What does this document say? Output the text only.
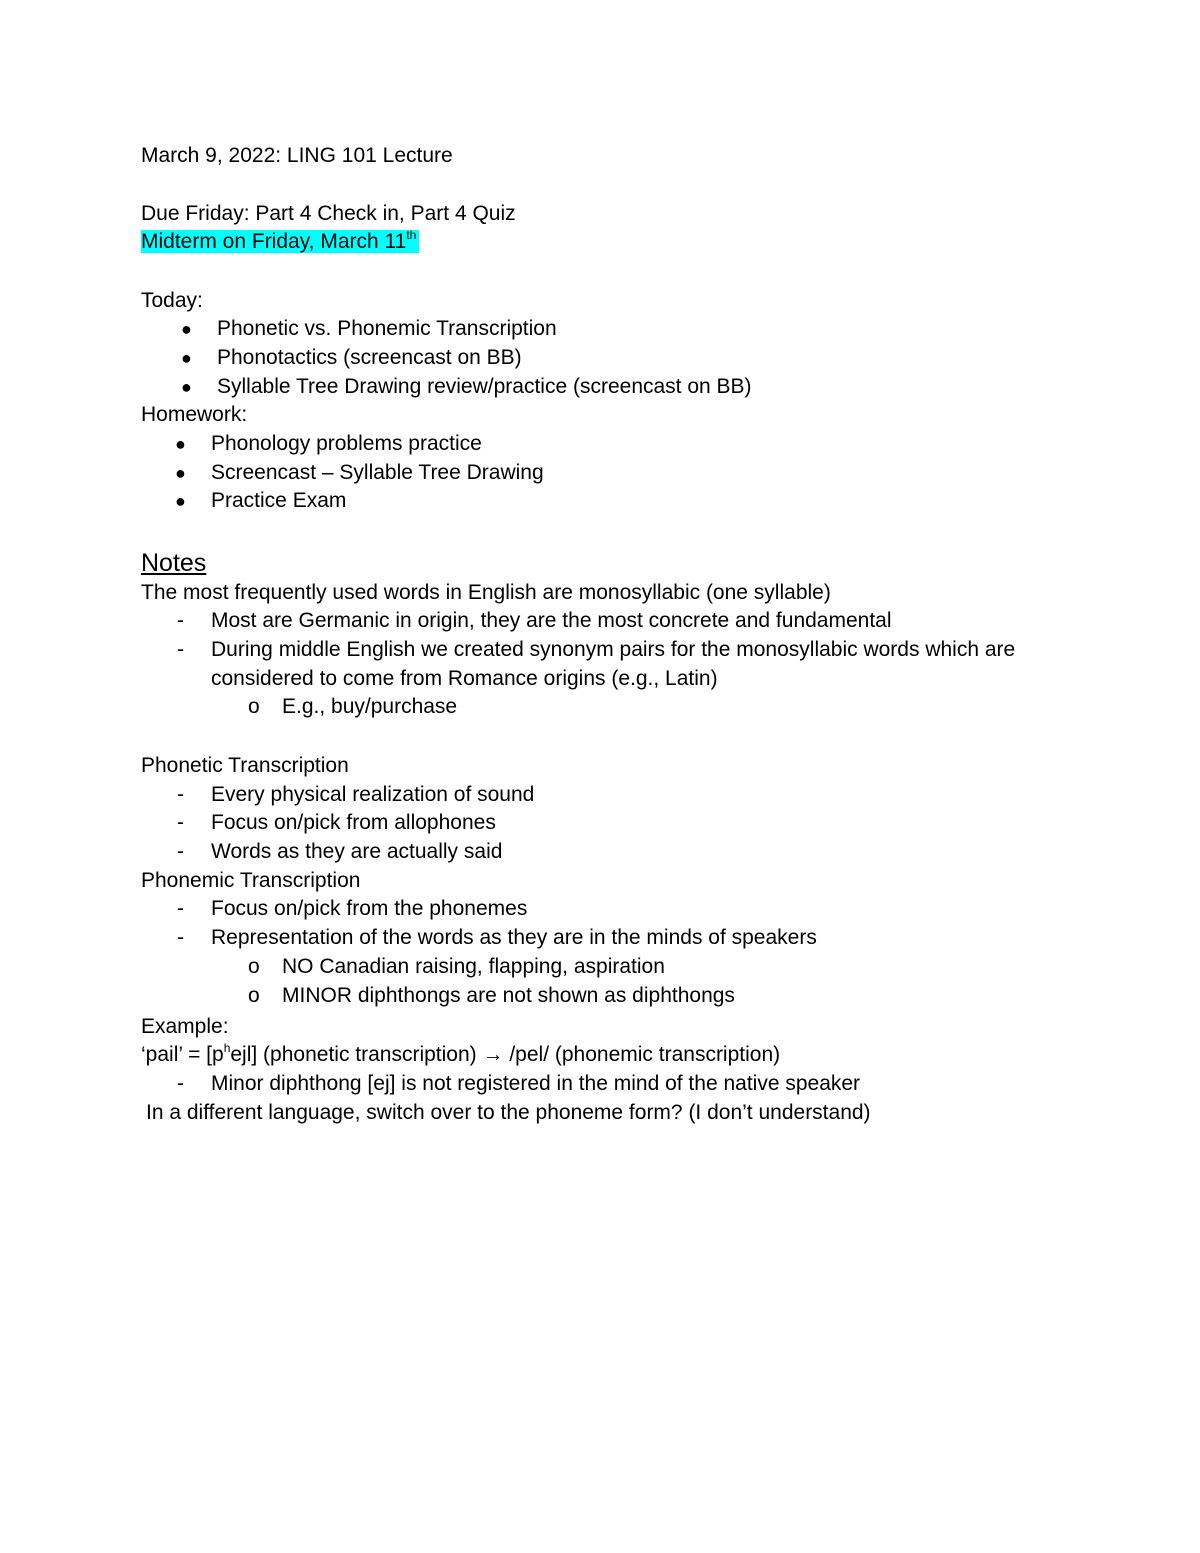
March 9, 2022: LING 101 Lecture
Due Friday: Part 4 Check in, Part 4 Quiz
Midterm on Friday, March 11th
Today:
● Phonetic vs. Phonemic Transcription
● Phonotactics (screencast on BB)
● Syllable Tree Drawing review/practice (screencast on BB)
Homework:
● Phonology problems practice
● Screencast – Syllable Tree Drawing
● Practice Exam
Notes
The most frequently used words in English are monosyllabic (one syllable)
- Most are Germanic in origin, they are the most concrete and fundamental
- During middle English we created synonym pairs for the monosyllabic words which are
considered to come from Romance origins (e.g., Latin)
o E.g., buy/purchase
Phonetic Transcription
- Every physical realization of sound
- Focus on/pick from allophones
- Words as they are actually said
Phonemic Transcription
- Focus on/pick from the phonemes
- Representation of the words as they are in the minds of speakers
o NO Canadian raising, flapping, aspiration
o MINOR diphthongs are not shown as diphthongs
Example:
‘pail’ = $[p^hejl]$ (phonetic transcription) → /pel/ (phonemic transcription)
- Minor diphthong [ej] is not registered in the mind of the native speaker
In a different language, switch over to the phoneme form? (I don’t understand)
